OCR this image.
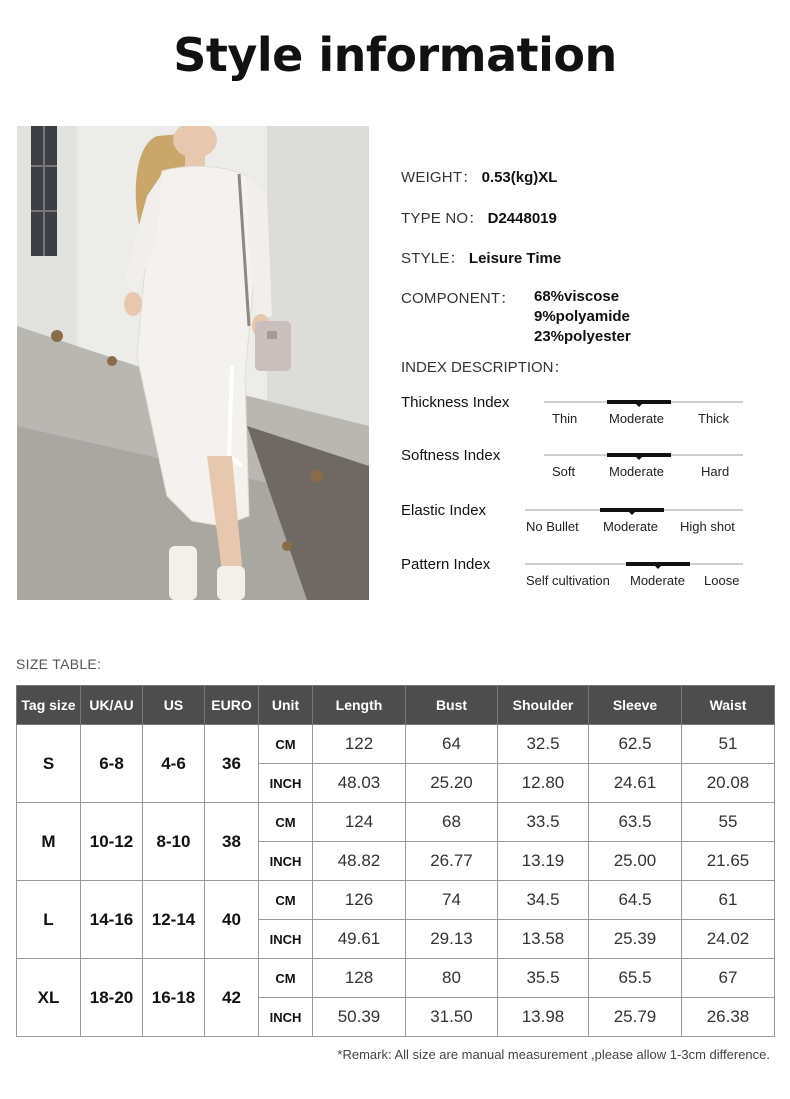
Style information
WEIGHT： 0.53(kg)XL
TYPE NO： D2448019
STYLE： Leisure Time
COMPONENT： 68%viscose
9%polyamide
23%polyester
INDEX DESCRIPTION：
Thickness Index
Thin Moderate	Thick
Softness Index
Soft	Moderate	Hard
Elastic Index
No Bullet Moderate High shot
Pattern Index
Self cultivation Moderate Loose
SIZE TABLE:
Tag size	UK/AU	US	EURO	Unit	Length	Bust	Shoulder	Sleeve	Waist
S	6-8	4-6	36	CM	122	64	32.5	62.5	51
				INCH	48.03	25.20	12.80	24.61	20.08
M	10-12	8-10	38	CM	124	68	33.5	63.5	55
				INCH	48.82	26.77	13.19	25.00	21.65
L	14-16	12-14	40	CM	126	74	34.5	64.5	61
				INCH	49.61	29.13	13.58	25.39	24.02
XL	18-20	16-18	42	CM	128	80	35.5	65.5	67
				INCH	50.39	31.50	13.98	25.79	26.38
*Remark: All size are manual measurement ,please allow 1-3cm difference.
